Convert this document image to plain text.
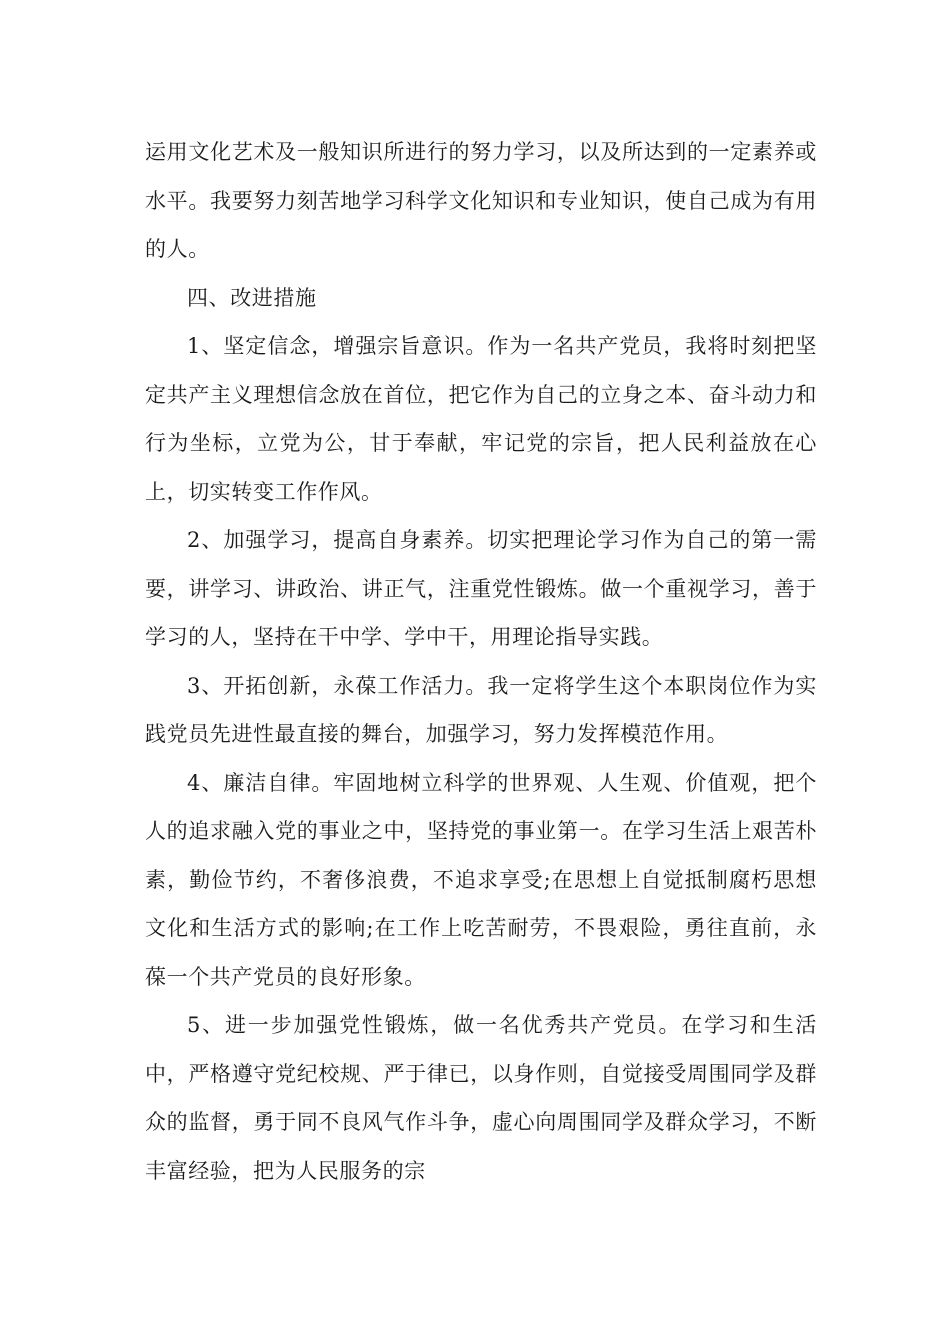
运用文化艺术及一般知识所进行的努力学习，以及所达到的一定素养或水平。我要努力刻苦地学习科学文化知识和专业知识，使自己成为有用的人。

四、改进措施

1、坚定信念，增强宗旨意识。作为一名共产党员，我将时刻把坚定共产主义理想信念放在首位，把它作为自己的立身之本、奋斗动力和行为坐标，立党为公，甘于奉献，牢记党的宗旨，把人民利益放在心上，切实转变工作作风。

2、加强学习，提高自身素养。切实把理论学习作为自己的第一需要，讲学习、讲政治、讲正气，注重党性锻炼。做一个重视学习，善于学习的人，坚持在干中学、学中干，用理论指导实践。

3、开拓创新，永葆工作活力。我一定将学生这个本职岗位作为实践党员先进性最直接的舞台，加强学习，努力发挥模范作用。

4、廉洁自律。牢固地树立科学的世界观、人生观、价值观，把个人的追求融入党的事业之中，坚持党的事业第一。在学习生活上艰苦朴素，勤俭节约，不奢侈浪费，不追求享受;在思想上自觉抵制腐朽思想文化和生活方式的影响;在工作上吃苦耐劳，不畏艰险，勇往直前，永葆一个共产党员的良好形象。

5、进一步加强党性锻炼，做一名优秀共产党员。在学习和生活中，严格遵守党纪校规、严于律已，以身作则，自觉接受周围同学及群众的监督，勇于同不良风气作斗争，虚心向周围同学及群众学习，不断丰富经验，把为人民服务的宗
